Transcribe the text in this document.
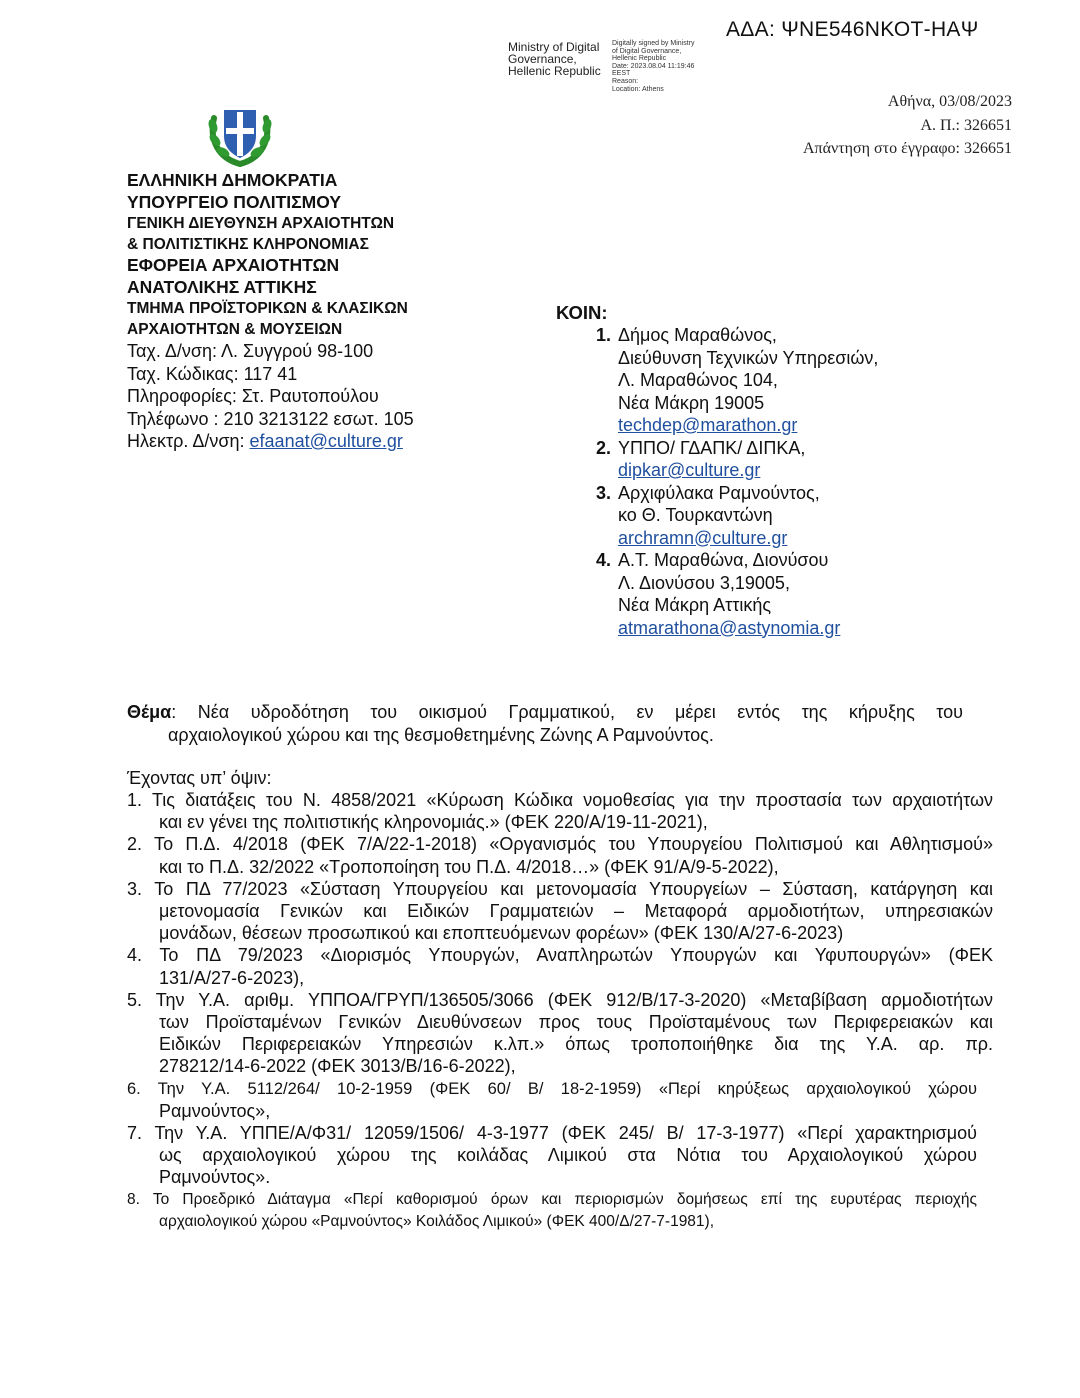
ΑΔΑ: ΨΝΕ546ΝΚΟΤ-ΗΑΨ
Ministry of Digital
Governance,
Hellenic Republic
Digitally signed by Ministry
of Digital Governance,
Hellenic Republic
Date: 2023.08.04 11:19:46
EEST
Reason:
Location: Athens
Αθήνα, 03/08/2023
Α. Π.: 326651
Απάντηση στο έγγραφο: 326651
ΕΛΛΗΝΙΚΗ ΔΗΜΟΚΡΑΤΙΑ
ΥΠΟΥΡΓΕΙΟ ΠΟΛΙΤΙΣΜΟΥ
ΓΕΝΙΚΗ ΔΙΕΥΘΥΝΣΗ ΑΡΧΑΙΟΤΗΤΩΝ
& ΠΟΛΙΤΙΣΤΙΚΗΣ ΚΛΗΡΟΝΟΜΙΑΣ
ΕΦΟΡΕΙΑ ΑΡΧΑΙΟΤΗΤΩΝ
ΑΝΑΤΟΛΙΚΗΣ ΑΤΤΙΚΗΣ
ΤΜΗΜΑ ΠΡΟΪΣΤΟΡΙΚΩΝ & ΚΛΑΣΙΚΩΝ
ΑΡΧΑΙΟΤΗΤΩΝ & ΜΟΥΣΕΙΩΝ
Ταχ. Δ/νση: Λ. Συγγρού 98-100
Ταχ. Κώδικας: 117 41
Πληροφορίες: Στ. Ραυτοπούλου
Τηλέφωνο : 210 3213122 εσωτ. 105
Ηλεκτρ. Δ/νση: efaanat@culture.gr
ΚΟΙΝ:
1. Δήμος Μαραθώνος,
Διεύθυνση Τεχνικών Υπηρεσιών,
Λ. Μαραθώνος 104,
Νέα Μάκρη 19005
techdep@marathon.gr
2. ΥΠΠΟ/ ΓΔΑΠΚ/ ΔΙΠΚΑ,
dipkar@culture.gr
3. Αρχιφύλακα Ραμνούντος,
κο Θ. Τουρκαντώνη
archramn@culture.gr
4. Α.Τ. Μαραθώνα, Διονύσου
Λ. Διονύσου 3,19005,
Νέα Μάκρη Αττικής
atmarathona@astynomia.gr
Θέμα: Νέα υδροδότηση του οικισμού Γραμματικού, εν μέρει εντός της κήρυξης του
αρχαιολογικού χώρου και της θεσμοθετημένης Ζώνης Α Ραμνούντος.
Έχοντας υπ’ όψιν:
1. Τις διατάξεις του Ν. 4858/2021 «Κύρωση Κώδικα νομοθεσίας για την προστασία των αρχαιοτήτων
και εν γένει της πολιτιστικής κληρονομιάς.» (ΦΕΚ 220/Α/19-11-2021),
2. Το Π.Δ. 4/2018 (ΦΕΚ 7/Α/22-1-2018) «Οργανισμός του Υπουργείου Πολιτισμού και Αθλητισμού»
και το Π.Δ. 32/2022 «Τροποποίηση του Π.Δ. 4/2018…» (ΦΕΚ 91/Α/9-5-2022),
3. Το ΠΔ 77/2023 «Σύσταση Υπουργείου και μετονομασία Υπουργείων – Σύσταση, κατάργηση και
μετονομασία Γενικών και Ειδικών Γραμματειών – Μεταφορά αρμοδιοτήτων, υπηρεσιακών
μονάδων, θέσεων προσωπικού και εποπτευόμενων φορέων» (ΦΕΚ 130/Α/27-6-2023)
4. Το ΠΔ 79/2023 «Διορισμός Υπουργών, Αναπληρωτών Υπουργών και Υφυπουργών» (ΦΕΚ
131/Α/27-6-2023),
5. Την Υ.Α. αριθμ. ΥΠΠΟΑ/ΓΡΥΠ/136505/3066 (ΦΕΚ 912/Β/17-3-2020) «Μεταβίβαση αρμοδιοτήτων
των Προϊσταμένων Γενικών Διευθύνσεων προς τους Προϊσταμένους των Περιφερειακών και
Ειδικών Περιφερειακών Υπηρεσιών κ.λπ.» όπως τροποποιήθηκε δια της Υ.Α. αρ. πρ.
278212/14-6-2022 (ΦΕΚ 3013/Β/16-6-2022),
6. Την Υ.Α. 5112/264/ 10-2-1959 (ΦΕΚ 60/ Β/ 18-2-1959) «Περί κηρύξεως αρχαιολογικού χώρου
Ραμνούντος»,
7. Την Υ.Α. ΥΠΠΕ/Α/Φ31/ 12059/1506/ 4-3-1977 (ΦΕΚ 245/ Β/ 17-3-1977) «Περί χαρακτηρισμού
ως αρχαιολογικού χώρου της κοιλάδας Λιμικού στα Νότια του Αρχαιολογικού χώρου
Ραμνούντος».
8. Το Προεδρικό Διάταγμα «Περί καθορισμού όρων και περιορισμών δομήσεως επί της ευρυτέρας περιοχής
αρχαιολογικού χώρου «Ραμνούντος» Κοιλάδος Λιμικού» (ΦΕΚ 400/Δ/27-7-1981),
